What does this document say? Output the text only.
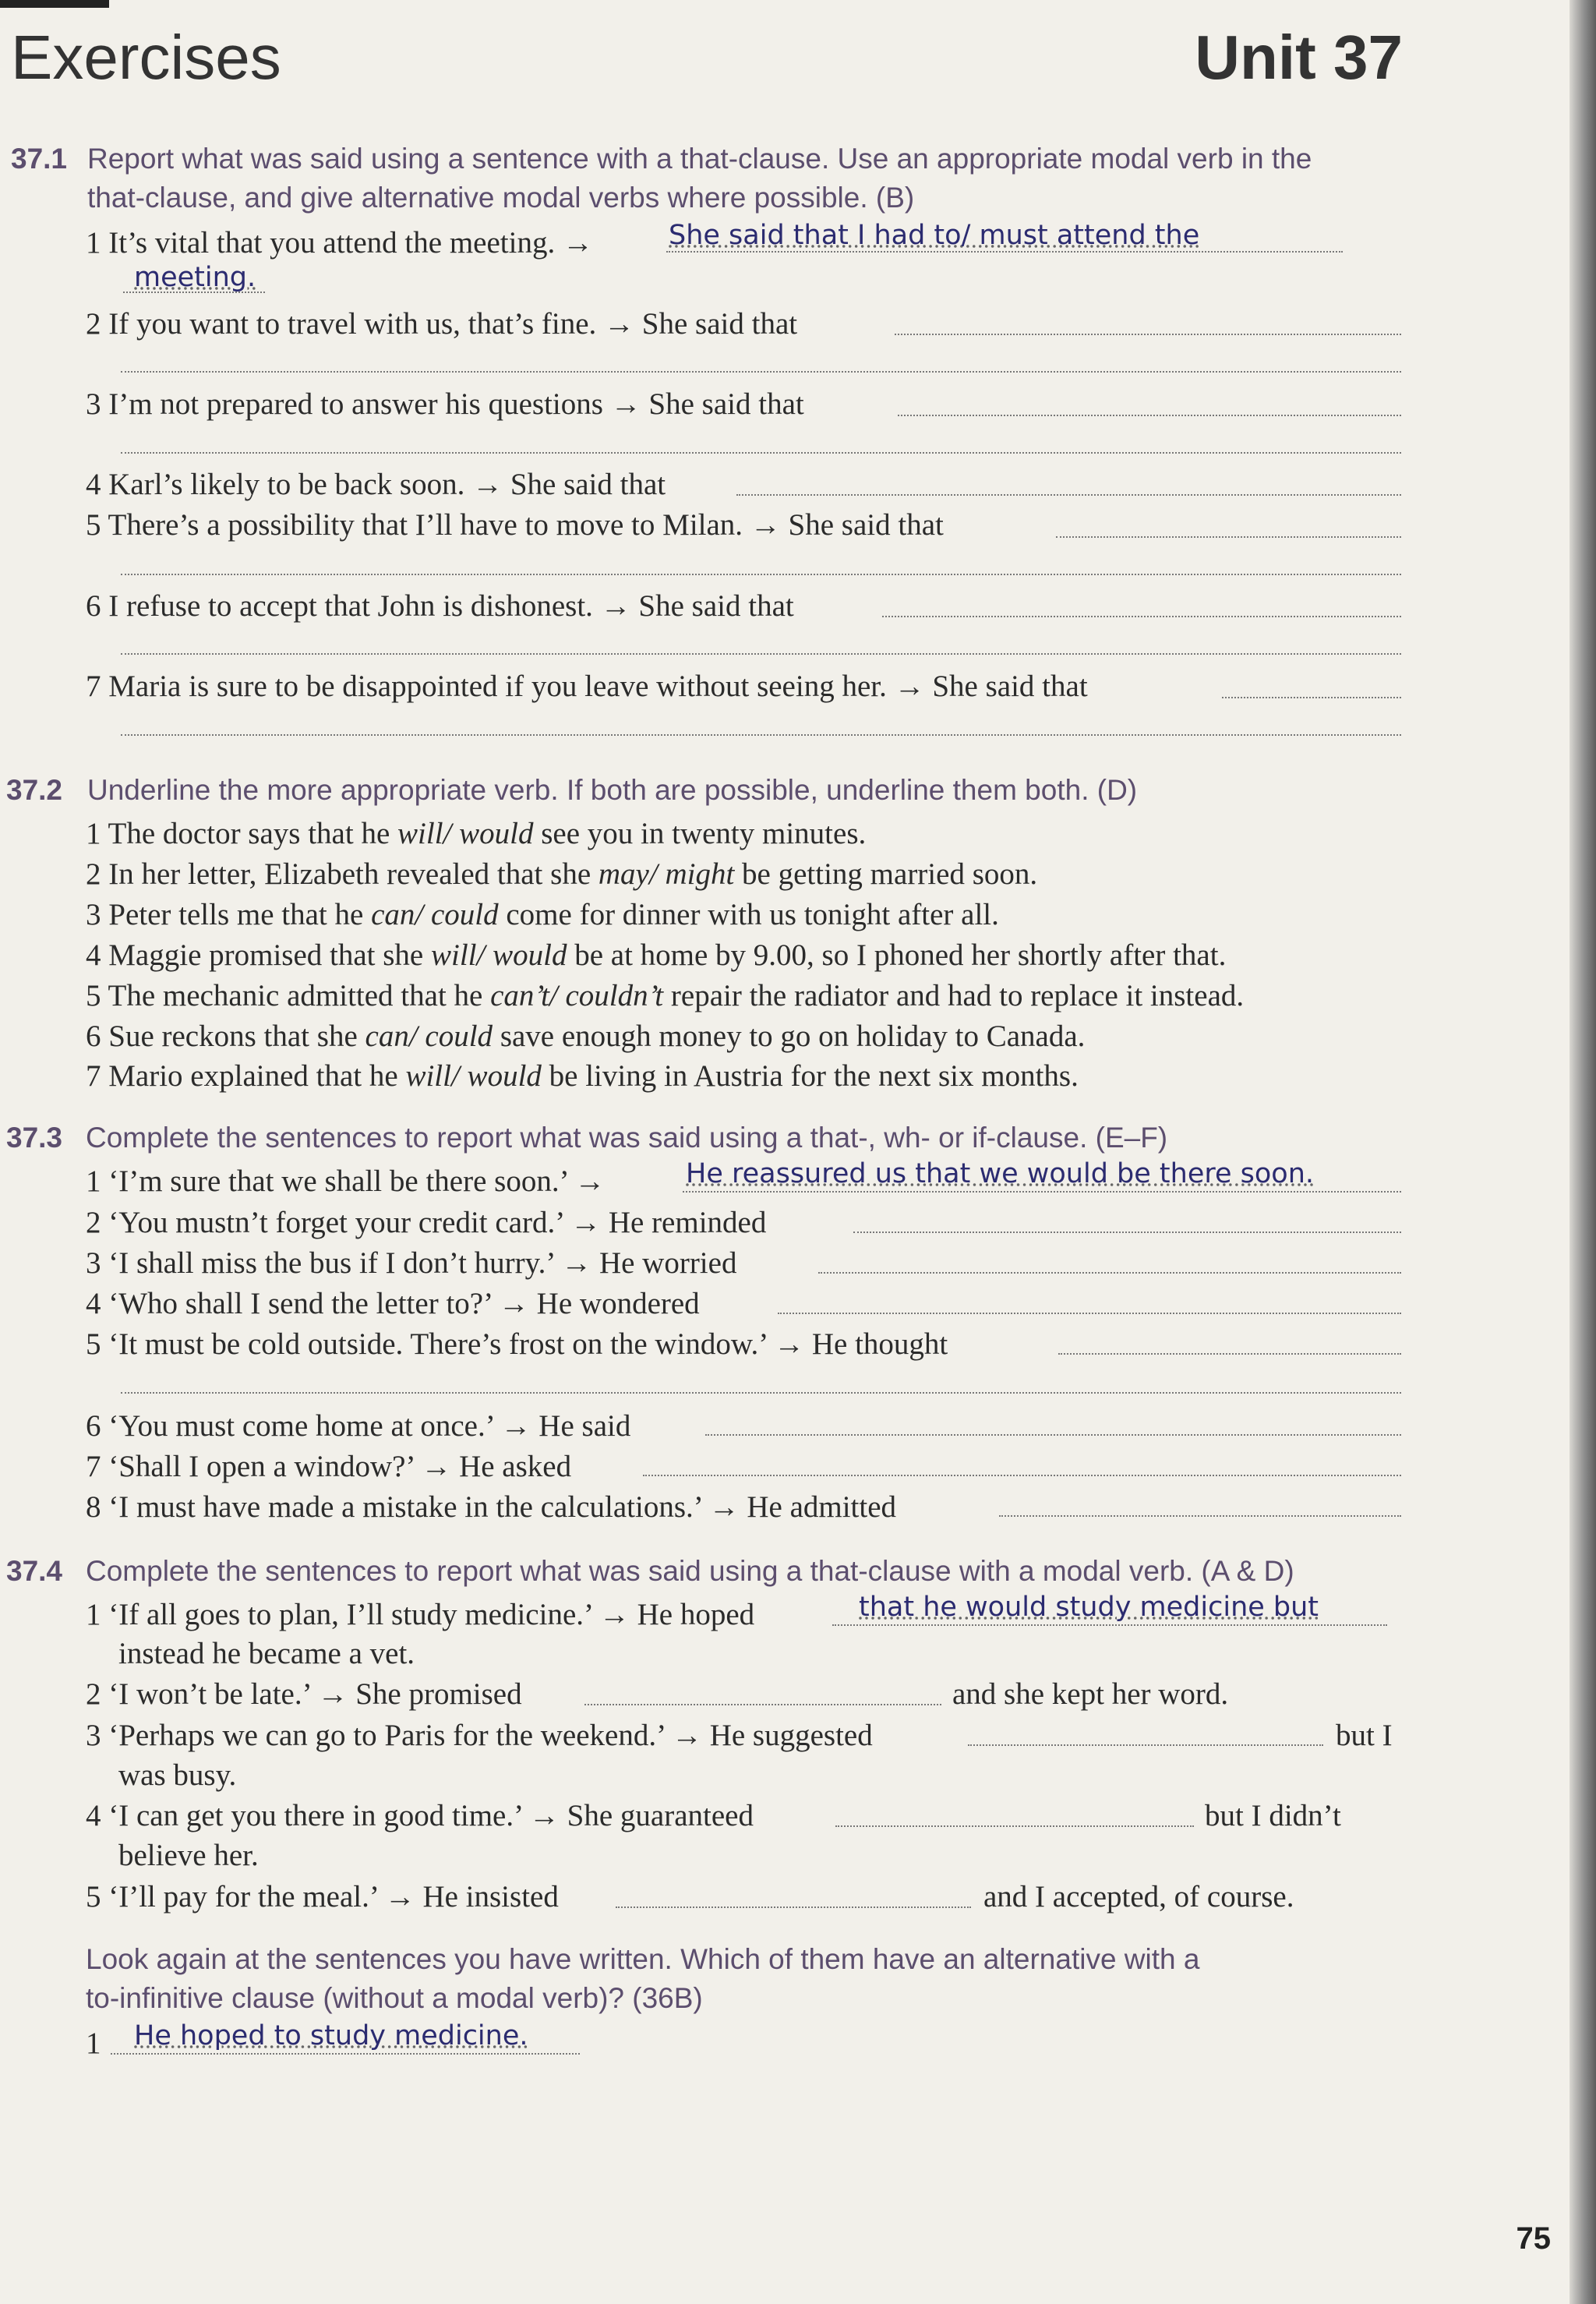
Exercises	Unit 37
37.1 Report what was said using a sentence with a that-clause. Use an appropriate modal verb in the
that-clause, and give alternative modal verbs where possible. (B)
1 It’s vital that you attend the meeting. →	She said that I had to/ must attend the
meeting.
2 If you want to travel with us, that’s fine. → She said that
3 I’m not prepared to answer his questions → She said that
4 Karl’s likely to be back soon. → She said that
5 There’s a possibility that I’ll have to move to Milan. → She said that
6 I refuse to accept that John is dishonest. → She said that
7 Maria is sure to be disappointed if you leave without seeing her. → She said that
37.2 Underline the more appropriate verb. If both are possible, underline them both. (D)
1 The doctor says that he will/ would see you in twenty minutes.
2 In her letter, Elizabeth revealed that she may/ might be getting married soon.
3 Peter tells me that he can/ could come for dinner with us tonight after all.
4 Maggie promised that she will/ would be at home by 9.00, so I phoned her shortly after that.
5 The mechanic admitted that he can’t/ couldn’t repair the radiator and had to replace it instead.
6 Sue reckons that she can/ could save enough money to go on holiday to Canada.
7 Mario explained that he will/ would be living in Austria for the next six months.
37.3 Complete the sentences to report what was said using a that-, wh- or if-clause. (E–F)
1 ‘I’m sure that we shall be there soon.’ →	He reassured us that we would be there soon.
2 ‘You mustn’t forget your credit card.’ → He reminded
3 ‘I shall miss the bus if I don’t hurry.’ → He worried
4 ‘Who shall I send the letter to?’ → He wondered
5 ‘It must be cold outside. There’s frost on the window.’ → He thought
6 ‘You must come home at once.’ → He said
7 ‘Shall I open a window?’ → He asked
8 ‘I must have made a mistake in the calculations.’ → He admitted
37.4 Complete the sentences to report what was said using a that-clause with a modal verb. (A & D)
1 ‘If all goes to plan, I’ll study medicine.’ → He hoped	that he would study medicine but
instead he became a vet.
2 ‘I won’t be late.’ → She promised	and she kept her word.
3 ‘Perhaps we can go to Paris for the weekend.’ → He suggested	but I
was busy.
4 ‘I can get you there in good time.’ → She guaranteed	but I didn’t
believe her.
5 ‘I’ll pay for the meal.’ → He insisted	and I accepted, of course.
Look again at the sentences you have written. Which of them have an alternative with a
to-infinitive clause (without a modal verb)? (36B)
1 He hoped to study medicine.
75
